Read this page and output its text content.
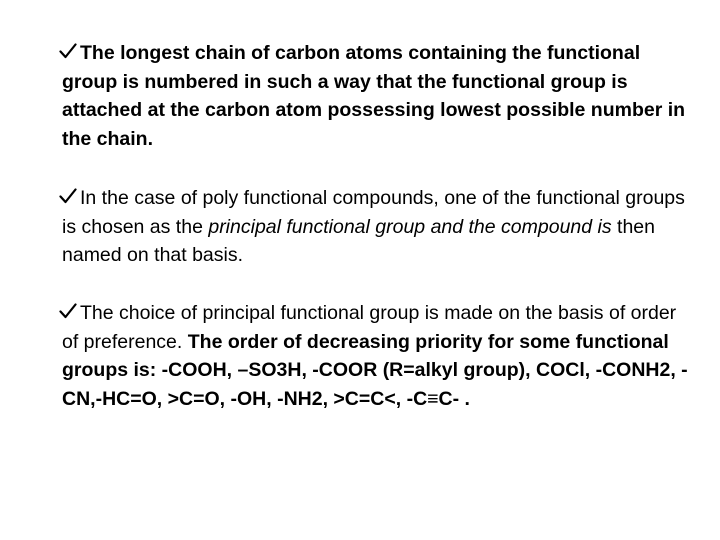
The longest chain of carbon atoms containing the functional group is numbered in such a way that the functional group is attached at the carbon atom possessing lowest possible number in the chain.

In the case of poly functional compounds, one of the functional groups is chosen as the principal functional group and the compound is then named on that basis.

The choice of principal functional group is made on the basis of order of preference. The order of decreasing priority for some functional groups is: -COOH, –SO3H, -COOR (R=alkyl group), COCl, -CONH2, -CN,-HC=O, >C=O, -OH, -NH2, >C=C<, -C≡C- .
